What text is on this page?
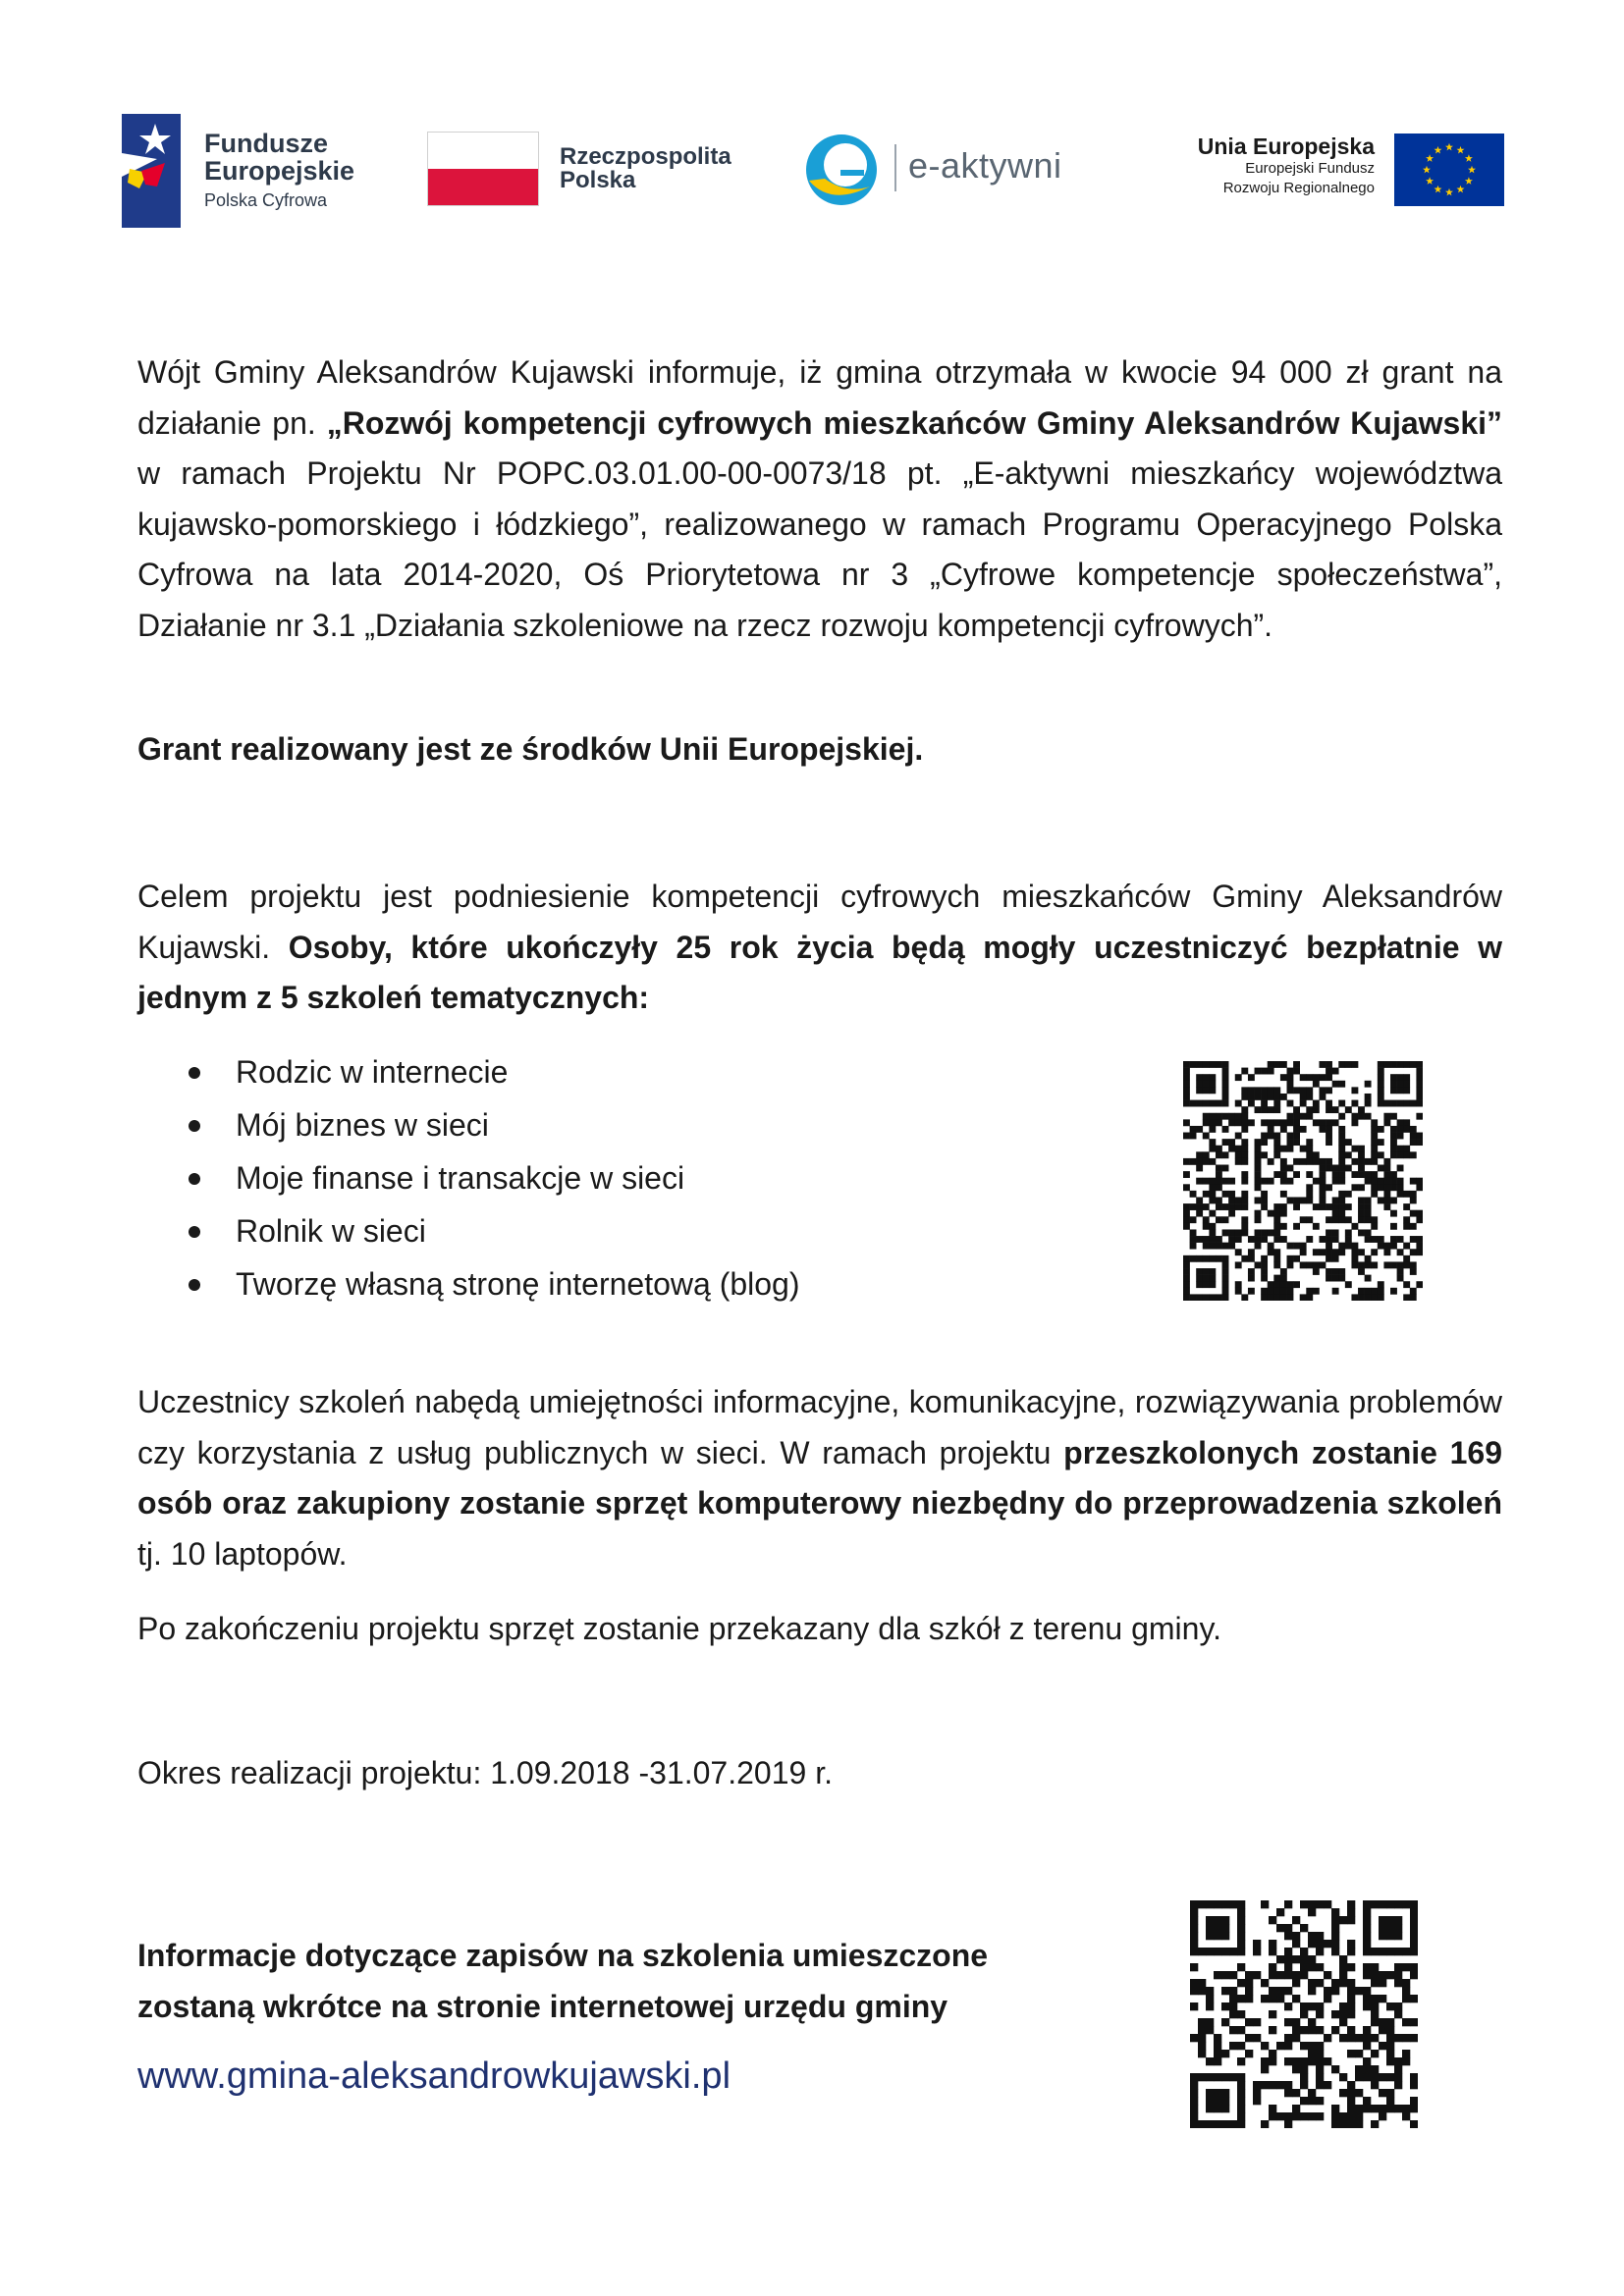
Fundusze
Europejskie
Polska Cyfrowa
Rzeczpospolita
Polska	e-aktywni	Unia Europejska
Europejski Fundusz
Rozwoju Regionalnego

Wójt Gminy Aleksandrów Kujawski informuje, iż gmina otrzymała w kwocie 94 000 zł grant na działanie pn. „Rozwój kompetencji cyfrowych mieszkańców Gminy Aleksandrów Kujawski” w ramach Projektu Nr POPC.03.01.00-00-0073/18 pt. „E-aktywni mieszkańcy województwa kujawsko-pomorskiego i łódzkiego”, realizowanego w ramach Programu Operacyjnego Polska Cyfrowa na lata 2014-2020, Oś Priorytetowa nr 3 „Cyfrowe kompetencje społeczeństwa”, Działanie nr 3.1 „Działania szkoleniowe na rzecz rozwoju kompetencji cyfrowych”.

Grant realizowany jest ze środków Unii Europejskiej.

Celem projektu jest podniesienie kompetencji cyfrowych mieszkańców Gminy Aleksandrów Kujawski. Osoby, które ukończyły 25 rok życia będą mogły uczestniczyć bezpłatnie w jednym z 5 szkoleń tematycznych:

Rodzic w internecie
Mój biznes w sieci
Moje finanse i transakcje w sieci
Rolnik w sieci
Tworzę własną stronę internetową (blog)

Uczestnicy szkoleń nabędą umiejętności informacyjne, komunikacyjne, rozwiązywania problemów czy korzystania z usług publicznych w sieci. W ramach projektu przeszkolonych zostanie 169 osób oraz zakupiony zostanie sprzęt komputerowy niezbędny do przeprowadzenia szkoleń tj. 10 laptopów.

Po zakończeniu projektu sprzęt zostanie przekazany dla szkół z terenu gminy.

Okres realizacji projektu: 1.09.2018 -31.07.2019 r.

Informacje dotyczące zapisów na szkolenia umieszczone zostaną wkrótce na stronie internetowej urzędu gminy

www.gmina-aleksandrowkujawski.pl
